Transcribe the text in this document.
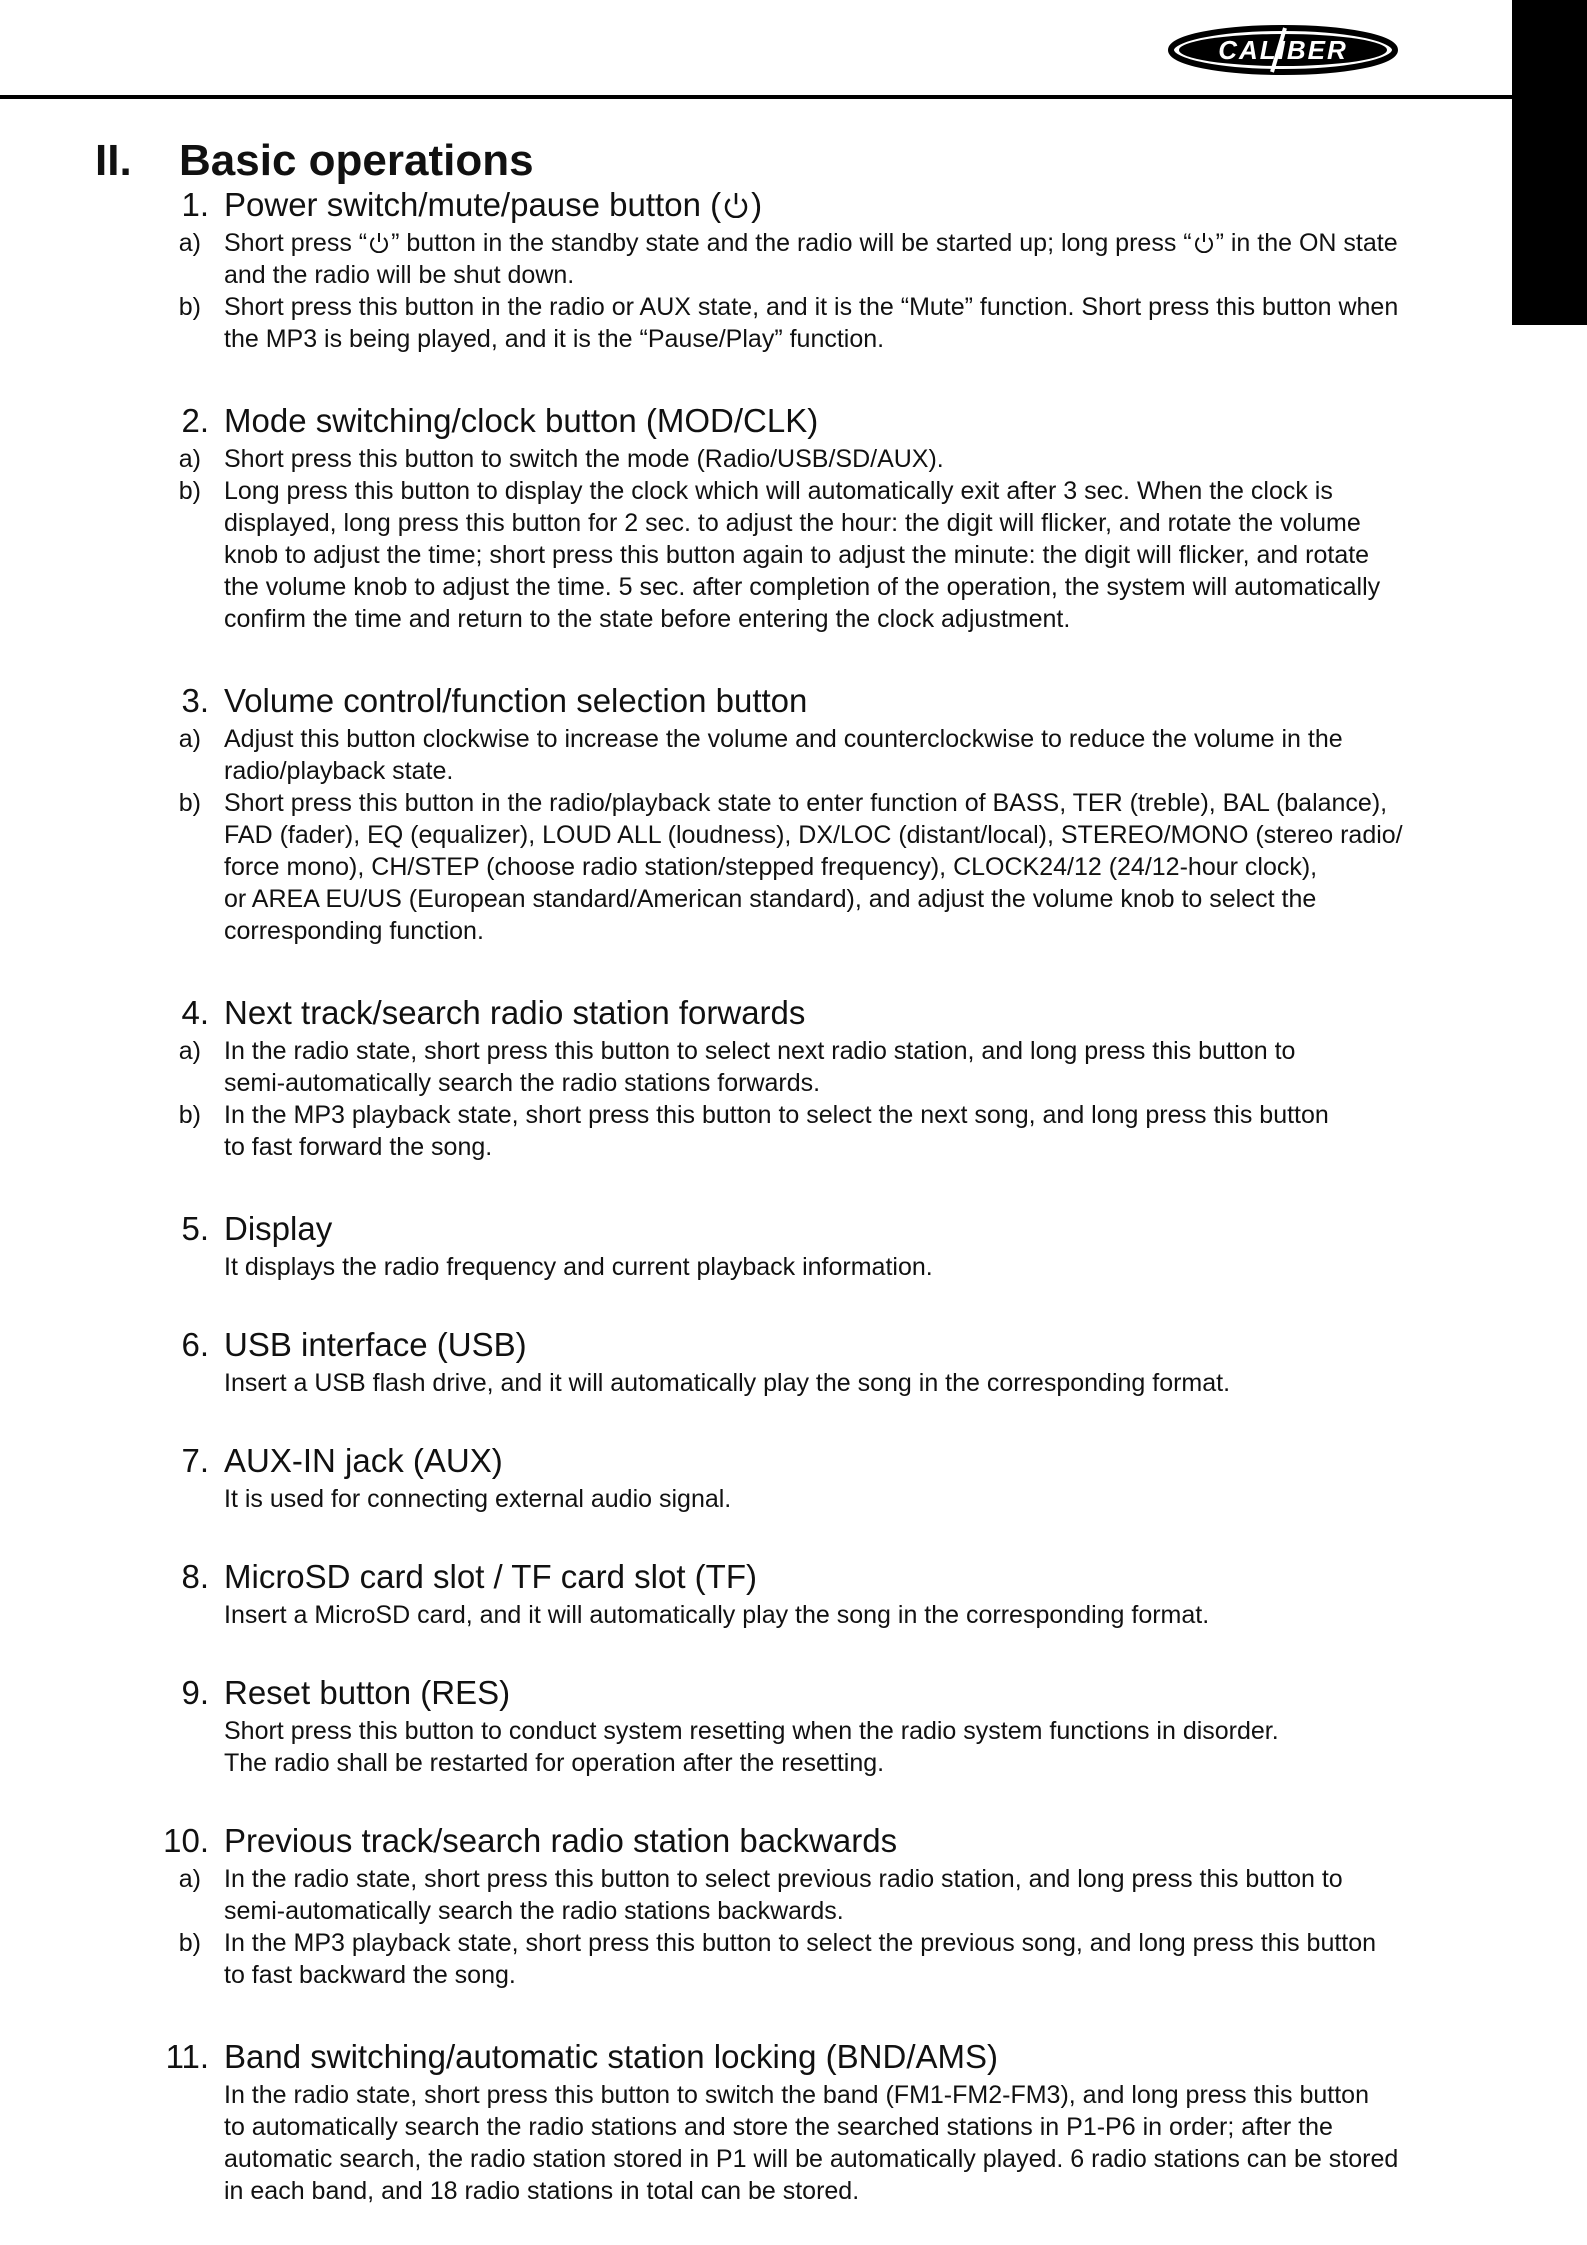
CALIBER
II. Basic operations
1. Power switch/mute/pause button ( )
a) Short press “ ” button in the standby state and the radio will be started up; long press “ ” in the ON state
and the radio will be shut down.
b) Short press this button in the radio or AUX state, and it is the “Mute” function. Short press this button when
the MP3 is being played, and it is the “Pause/Play” function.
2. Mode switching/clock button (MOD/CLK)
a) Short press this button to switch the mode (Radio/USB/SD/AUX).
b) Long press this button to display the clock which will automatically exit after 3 sec. When the clock is
displayed, long press this button for 2 sec. to adjust the hour: the digit will flicker, and rotate the volume
knob to adjust the time; short press this button again to adjust the minute: the digit will flicker, and rotate
the volume knob to adjust the time. 5 sec. after completion of the operation, the system will automatically
confirm the time and return to the state before entering the clock adjustment.
3. Volume control/function selection button
a) Adjust this button clockwise to increase the volume and counterclockwise to reduce the volume in the
radio/playback state.
b) Short press this button in the radio/playback state to enter function of BASS, TER (treble), BAL (balance),
FAD (fader), EQ (equalizer), LOUD ALL (loudness), DX/LOC (distant/local), STEREO/MONO (stereo radio/
force mono), CH/STEP (choose radio station/stepped frequency), CLOCK24/12 (24/12-hour clock),
or AREA EU/US (European standard/American standard), and adjust the volume knob to select the
corresponding function.
4. Next track/search radio station forwards
a) In the radio state, short press this button to select next radio station, and long press this button to
semi-automatically search the radio stations forwards.
b) In the MP3 playback state, short press this button to select the next song, and long press this button
to fast forward the song.
5. Display
It displays the radio frequency and current playback information.
6. USB interface (USB)
Insert a USB flash drive, and it will automatically play the song in the corresponding format.
7. AUX-IN jack (AUX)
It is used for connecting external audio signal.
8. MicroSD card slot / TF card slot (TF)
Insert a MicroSD card, and it will automatically play the song in the corresponding format.
9. Reset button (RES)
Short press this button to conduct system resetting when the radio system functions in disorder.
The radio shall be restarted for operation after the resetting.
10. Previous track/search radio station backwards
a) In the radio state, short press this button to select previous radio station, and long press this button to
semi-automatically search the radio stations backwards.
b) In the MP3 playback state, short press this button to select the previous song, and long press this button
to fast backward the song.
11. Band switching/automatic station locking (BND/AMS)
In the radio state, short press this button to switch the band (FM1-FM2-FM3), and long press this button
to automatically search the radio stations and store the searched stations in P1-P6 in order; after the
automatic search, the radio station stored in P1 will be automatically played. 6 radio stations can be stored
in each band, and 18 radio stations in total can be stored.
